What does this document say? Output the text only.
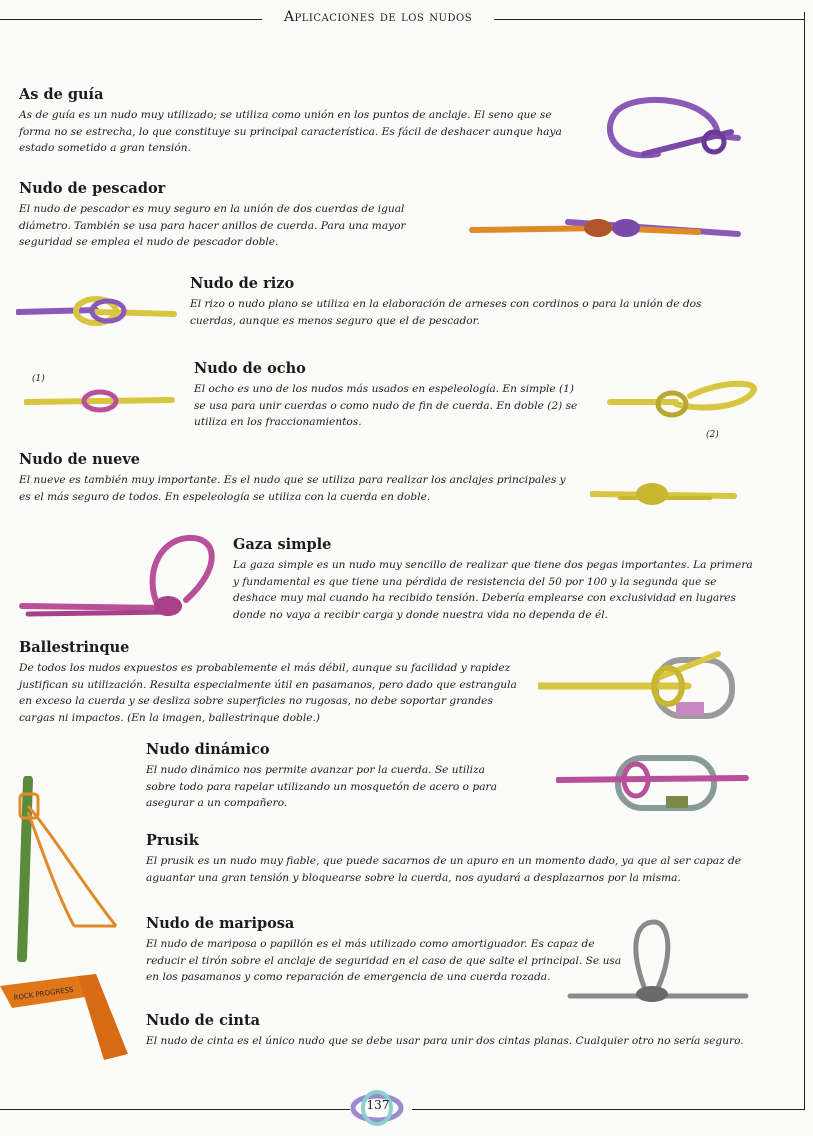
Aplicaciones de los nudos
As de guía

As de guía es un nudo muy utilizado; se utiliza como unión en los puntos de anclaje. El seno que se forma no se estrecha, lo que constituye su principal característica. Es fácil de deshacer aunque haya estado sometido a gran tensión.

Nudo de pescador

El nudo de pescador es muy seguro en la unión de dos cuerdas de igual diámetro. También se usa para hacer anillos de cuerda. Para una mayor seguridad se emplea el nudo de pescador doble.

Nudo de rizo

El rizo o nudo plano se utiliza en la elaboración de arneses con cordinos o para la unión de dos cuerdas, aunque es menos seguro que el de pescador.

Nudo de ocho

El ocho es uno de los nudos más usados en espeleología. En simple (1) se usa para unir cuerdas o como nudo de fin de cuerda. En doble (2) se utiliza en los fraccionamientos.

(1)
(2)
Nudo de nueve

El nueve es también muy importante. Es el nudo que se utiliza para realizar los anclajes principales y es el más seguro de todos. En espeleología se utiliza con la cuerda en doble.

Gaza simple

La gaza simple es un nudo muy sencillo de realizar que tiene dos pegas importantes. La primera y fundamental es que tiene una pérdida de resistencia del 50 por 100 y la segunda que se deshace muy mal cuando ha recibido tensión. Debería emplearse con exclusividad en lugares donde no vaya a recibir carga y donde nuestra vida no dependa de él.

Ballestrinque

De todos los nudos expuestos es probablemente el más débil, aunque su facilidad y rapidez justifican su utilización. Resulta especialmente útil en pasamanos, pero dado que estrangula en exceso la cuerda y se desliza sobre superficies no rugosas, no debe soportar grandes cargas ni impactos. (En la imagen, ballestrinque doble.)

Nudo dinámico

El nudo dinámico nos permite avanzar por la cuerda. Se utiliza sobre todo para rapelar utilizando un mosquetón de acero o para asegurar a un compañero.

Prusik

El prusik es un nudo muy fiable, que puede sacarnos de un apuro en un momento dado, ya que al ser capaz de aguantar una gran tensión y bloquearse sobre la cuerda, nos ayudará a desplazarnos por la misma.

Nudo de mariposa

El nudo de mariposa o papillón es el más utilizado como amortiguador. Es capaz de reducir el tirón sobre el anclaje de seguridad en el caso de que salte el principal. Se usa en los pasamanos y como reparación de emergencia de una cuerda rozada.

Nudo de cinta

El nudo de cinta es el único nudo que se debe usar para unir dos cintas planas. Cualquier otro no sería seguro.

ROCK PROGRESS
137
